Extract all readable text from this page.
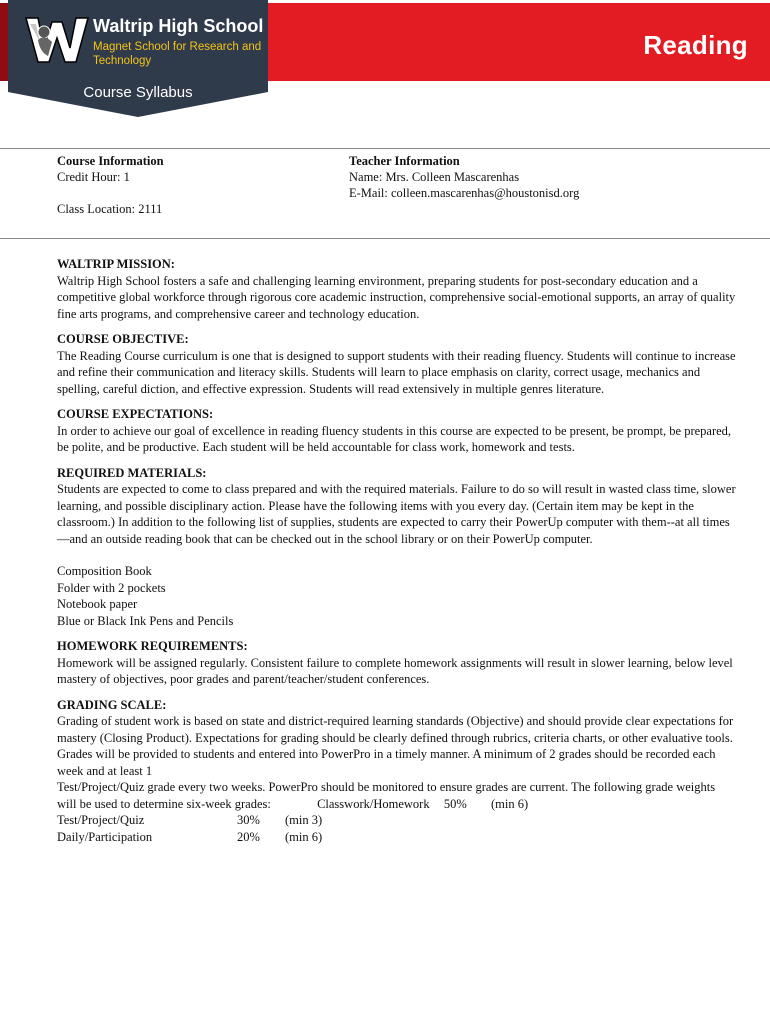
Reading
Waltrip High School
Magnet School for Research and Technology
Course Syllabus
Course Information
Credit Hour: 1
Class Location: 2111
Teacher Information
Name: Mrs. Colleen Mascarenhas
E-Mail: colleen.mascarenhas@houstonisd.org
WALTRIP MISSION:

Waltrip High School fosters a safe and challenging learning environment, preparing students for post-secondary education and a competitive global workforce through rigorous core academic instruction, comprehensive social-emotional supports, an array of quality fine arts programs, and comprehensive career and technology education.

COURSE OBJECTIVE:

The Reading Course curriculum is one that is designed to support students with their reading fluency. Students will continue to increase and refine their communication and literacy skills. Students will learn to place emphasis on clarity, correct usage, mechanics and spelling, careful diction, and effective expression. Students will read extensively in multiple genres literature.

COURSE EXPECTATIONS:

In order to achieve our goal of excellence in reading fluency students in this course are expected to be present, be prompt, be prepared, be polite, and be productive. Each student will be held accountable for class work, homework and tests.

REQUIRED MATERIALS:

Students are expected to come to class prepared and with the required materials. Failure to do so will result in wasted class time, slower learning, and possible disciplinary action. Please have the following items with you every day. (Certain item may be kept in the classroom.) In addition to the following list of supplies, students are expected to carry their PowerUp computer with them--at all times—and an outside reading book that can be checked out in the school library or on their PowerUp computer.

Composition Book
Folder with 2 pockets
Notebook paper
Blue or Black Ink Pens and Pencils
HOMEWORK REQUIREMENTS:

Homework will be assigned regularly. Consistent failure to complete homework assignments will result in slower learning, below level mastery of objectives, poor grades and parent/teacher/student conferences.

GRADING SCALE:

Grading of student work is based on state and district-required learning standards (Objective) and should provide clear expectations for mastery (Closing Product). Expectations for grading should be clearly defined through rubrics, criteria charts, or other evaluative tools. Grades will be provided to students and entered into PowerPro in a timely manner. A minimum of 2 grades should be recorded each week and at least 1

Test/Project/Quiz grade every two weeks. PowerPro should be monitored to ensure grades are current. The following grade weights will be used to determine six-week grades:	Classwork/Homework 50% (min 6)

Test/Project/Quiz	30%	(min 3)
Daily/Participation	20%	(min 6)
